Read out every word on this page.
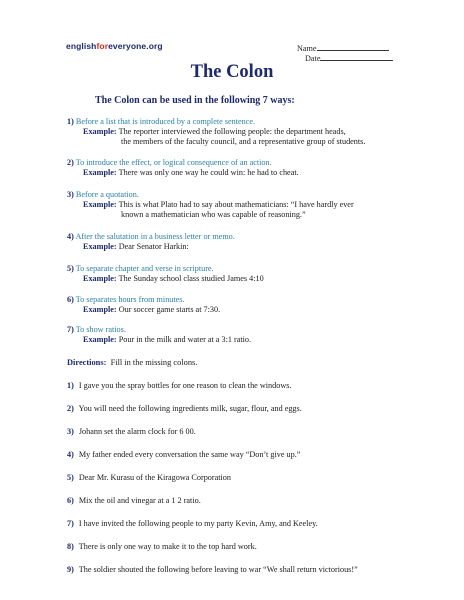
englishforeveryone.org	Name
Date
The Colon
The Colon can be used in the following 7 ways:
1) Before a list that is introduced by a complete sentence.
Example: The reporter interviewed the following people: the department heads,
the members of the faculty council, and a representative group of students.
2) To introduce the effect, or logical consequence of an action.
Example: There was only one way he could win: he had to cheat.
3) Before a quotation.
Example: This is what Plato had to say about mathematicians: “I have hardly ever
known a mathematician who was capable of reasoning.”
4) After the salutation in a business letter or memo.
Example: Dear Senator Harkin:
5) To separate chapter and verse in scripture.
Example: The Sunday school class studied James 4:10
6) To separates hours from minutes.
Example: Our soccer game starts at 7:30.
7) To show ratios.
Example: Pour in the milk and water at a 3:1 ratio.
Directions: Fill in the missing colons.
1) I gave you the spray bottles for one reason to clean the windows.
2) You will need the following ingredients milk, sugar, flour, and eggs.
3) Johann set the alarm clock for 6 00.
4) My father ended every conversation the same way “Don’t give up.”
5) Dear Mr. Kurasu of the Kiragowa Corporation
6) Mix the oil and vinegar at a 1 2 ratio.
7) I have invited the following people to my party Kevin, Amy, and Keeley.
8) There is only one way to make it to the top hard work.
9) The soldier shouted the following before leaving to war “We shall return victorious!”
